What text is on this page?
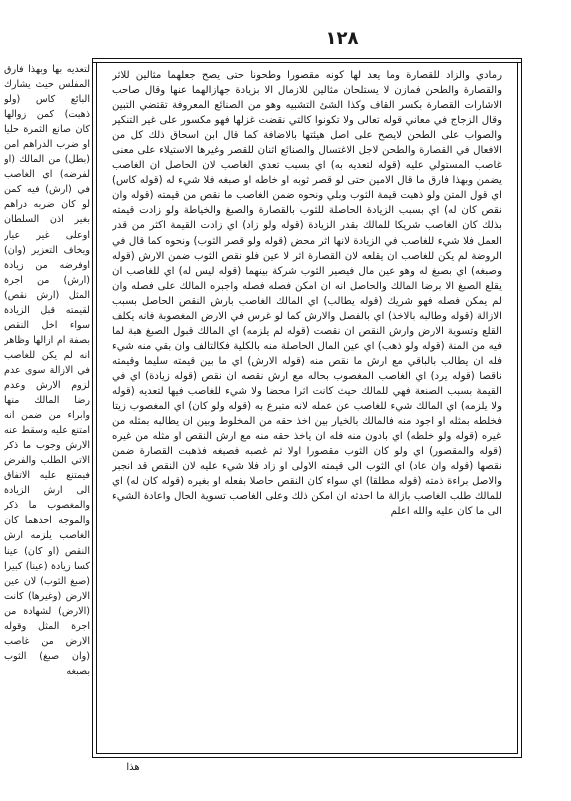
١٢٨
رمادي والزاد للقصارة وما يعد لها كونه مقصورا وطحونا حتى يصح جعلهما مثالين للاثر والقصارة والطحن فمازن لا يستلحان مثالين للازمال الا بزيادة جهازالهما عنها وقال صاحب الاشارات القصارة بكسر القاف وكذا الشئ التشبيه وهو من الصنائع المعروفة تقتضي التبين وقال الزجاج في معاني قوله تعالى ولا تكونوا كالتي نقضت غزلها فهو مكسور على غير التنكير والصواب على الطحن لايصح على اصل هيئتها بالاضافة كما قال ابن اسحاق ذلك كل من الافعال في القصارة والطحن لاجل الاغتسال والصنائع اثنان للقصر وغيرها الاستيلاء على معنى غاصب المستولي عليه (قوله لتعديه به) اي بسبب تعدي الغاصب لان الحاصل ان الغاصب يضمن وبهذا فارق ما قال الامين حتى لو قصر ثوبه او خاطه او صبغه فلا شيء له (قوله كاس) اي قول المتن ولو ذهبت قيمة الثوب وبلي ونحوه ضمن الغاصب ما نقص من قيمته (قوله وان نقص كان له) اي بسبب الزيادة الحاصلة للثوب بالقصارة والصبغ والخياطة ولو زادت قيمته بذلك كان الغاصب شريكا للمالك بقدر الزيادة (قوله ولو زاد) اي زادت القيمة اكثر من قدر العمل فلا شيء للغاصب في الزيادة لانها اثر محض (قوله ولو قصر الثوب) ونحوه كما قال في الروضة لم يكن للغاصب ان يقلعه لان القصارة اثر لا عين فلو نقص الثوب ضمن الارش (قوله وصبغه) اي بصبغ له وهو عين مال فيصير الثوب شركة بينهما (قوله ليس له) اي للغاصب ان يقلع الصبغ الا برضا المالك والحاصل انه ان امكن فصله فصله واجبره المالك على فصله وان لم يمكن فصله فهو شريك (قوله يطالب) اي المالك الغاصب بارش النقص الحاصل بسبب الازالة (قوله وطالبه بالاخذ) اي بالفصل والارش كما لو غرس في الارض المغصوبة فانه يكلف القلع وتسوية الارض وارش النقص ان نقصت (قوله لم يلزمه) اي المالك قبول الصبغ هبة لما فيه من المنة (قوله ولو ذهب) اي عين المال الحاصلة منه بالكلية فكالتالف وان بقي منه شيء فله ان يطالب بالباقي مع ارش ما نقص منه (قوله الارش) اي ما بين قيمته سليما وقيمته ناقصا (قوله يرد) اي الغاصب المغصوب بحاله مع ارش نقصه ان نقص (قوله زيادة) اي في القيمة بسبب الصنعة فهي للمالك حيث كانت اثرا محضا ولا شيء للغاصب فيها لتعديه (قوله ولا يلزمه) اي المالك شيء للغاصب عن عمله لانه متبرع به (قوله ولو كان) اي المغصوب زيتا فخلطه بمثله او اجود منه فالمالك بالخيار بين اخذ حقه من المخلوط وبين ان يطالبه بمثله من غيره (قوله ولو خلطه) اي بادون منه فله ان ياخذ حقه منه مع ارش النقص او مثله من غيره (قوله والمقصور) اي ولو كان الثوب مقصورا اولا ثم غصبه فصبغه فذهبت القصارة ضمن نقصها (قوله وان عاد) اي الثوب الى قيمته الاولى او زاد فلا شيء عليه لان النقص قد انجبر والاصل براءة ذمته (قوله مطلقا) اي سواء كان النقص حاصلا بفعله او بغيره (قوله كان له) اي للمالك طلب الغاصب بازالة ما احدثه ان امكن ذلك وعلى الغاصب تسوية الحال واعادة الشيء الى ما كان عليه والله اعلم
لتعديه بها وبهذا فارق المفلس حيث يشارك البائع كاس (ولو ذهبت) كمن زوالها كان صانع الثمرة حليا او ضرب الدراهم امن (بطل) من المالك (او لفرضه) اي الغاصب في (ارش) فيه كمن لو كان ضربه دراهم بغير اذن السلطان اوعلى غير عيار ويخاف التعزير (وان) اوفرضه من زيادة (ارش) من اجرة المثل (ارش نقص) لقيمته قبل الزيادة سواء اخل النقص بصفة ام ازالها وظاهر انه لم يكن للغاصب في الازالة سوى عدم لزوم الارش وعدم رضا المالك منها وابراء من ضمن انه امتنع عليه وسقط عنه الارش وجوب ما ذكر الاتي الطلب والفرض فيمتنع عليه الاتفاق الى ارش الزيادة والمغصوب ما ذكر والموجه احدهما كان الغاصب يلزمه ارش النقص (او كان) عينا كسا زيادة (عينا) كبيرا (صبغ الثوب) لان عين الارض (وغيرها) كانت (الارض) لشهادة من اجرة المثل وقوله الارض من غاصب (وان صبغ) الثوب بصبغه
هذا
